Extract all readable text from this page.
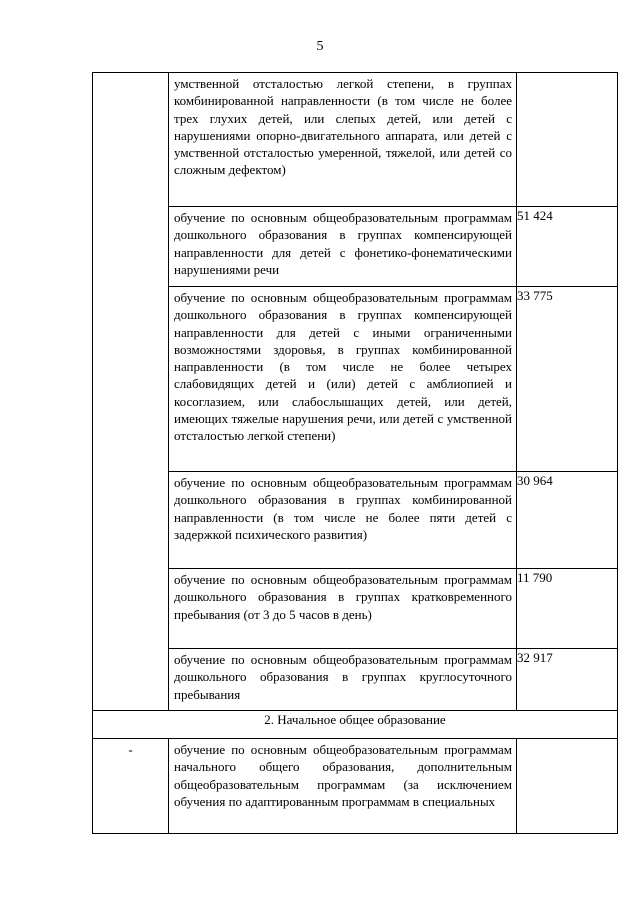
5

	умственной отсталостью легкой степени, в группах комбинированной направленности (в том числе не более трех глухих детей, или слепых детей, или детей с нарушениями опорно-двигательного аппарата, или детей с умственной отсталостью умеренной, тяжелой, или детей со сложным дефектом)	

	обучение по основным общеобразовательным программам дошкольного образования в группах компенсирующей направленности для детей с фонетико-фонематическими нарушениями речи	51 424

	обучение по основным общеобразовательным программам дошкольного образования в группах компенсирующей направленности для детей с иными ограниченными возможностями здоровья, в группах комбинированной направленности (в том числе не более четырех слабовидящих детей и (или) детей с амблиопией и косоглазием, или слабослышащих детей, или детей, имеющих тяжелые нарушения речи, или детей с умственной отсталостью легкой степени)	33 775

	обучение по основным общеобразовательным программам дошкольного образования в группах комбинированной направленности (в том числе не более пяти детей с задержкой психического развития)	30 964

	обучение по основным общеобразовательным программам дошкольного образования в группах кратковременного пребывания (от 3 до 5 часов в день)	11 790

	обучение по основным общеобразовательным программам дошкольного образования в группах круглосуточного пребывания	32 917
2. Начальное общее образование		
-	обучение по основным общеобразовательным программам начального общего образования, дополнительным общеобразовательным программам (за исключением обучения по адаптированным программам в специальных	
